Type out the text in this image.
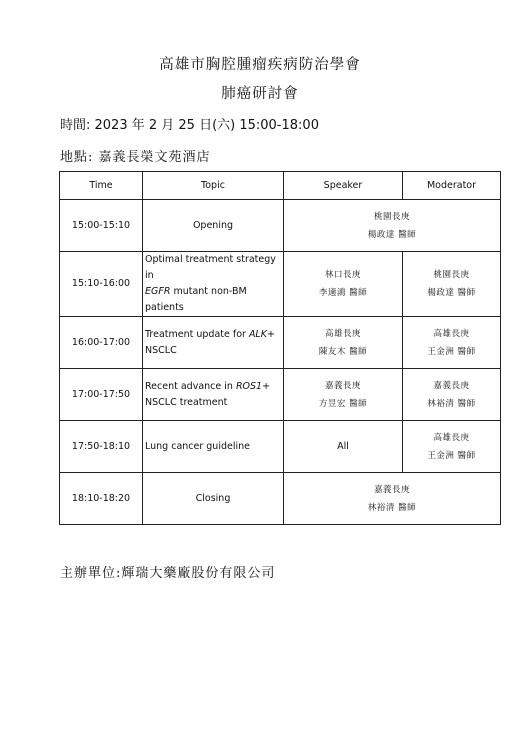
高雄市胸腔腫瘤疾病防治學會
肺癌研討會
時間: 2023 年 2 月 25 日(六) 15:00-18:00
地點: 嘉義長榮文苑酒店
Time	Topic	Speaker	Moderator
15:00-15:10	Opening	桃園長庚
楊政達 醫師	

15:10-16:00	Optimal treatment strategy in
EGFR mutant non-BM patients	林口長庚
李適鴻 醫師	桃園長庚
楊政達 醫師

16:00-17:00	Treatment update for ALK+
NSCLC	高雄長庚
陳友木 醫師	高雄長庚
王金洲 醫師

17:00-17:50	Recent advance in ROS1+
NSCLC treatment	嘉義長庚
方昱宏 醫師	嘉義長庚
林裕清 醫師

17:50-18:10	Lung cancer guideline	All	高雄長庚
王金洲 醫師

18:10-18:20	Closing	嘉義長庚
林裕清 醫師	
主辦單位:輝瑞大藥廠股份有限公司
